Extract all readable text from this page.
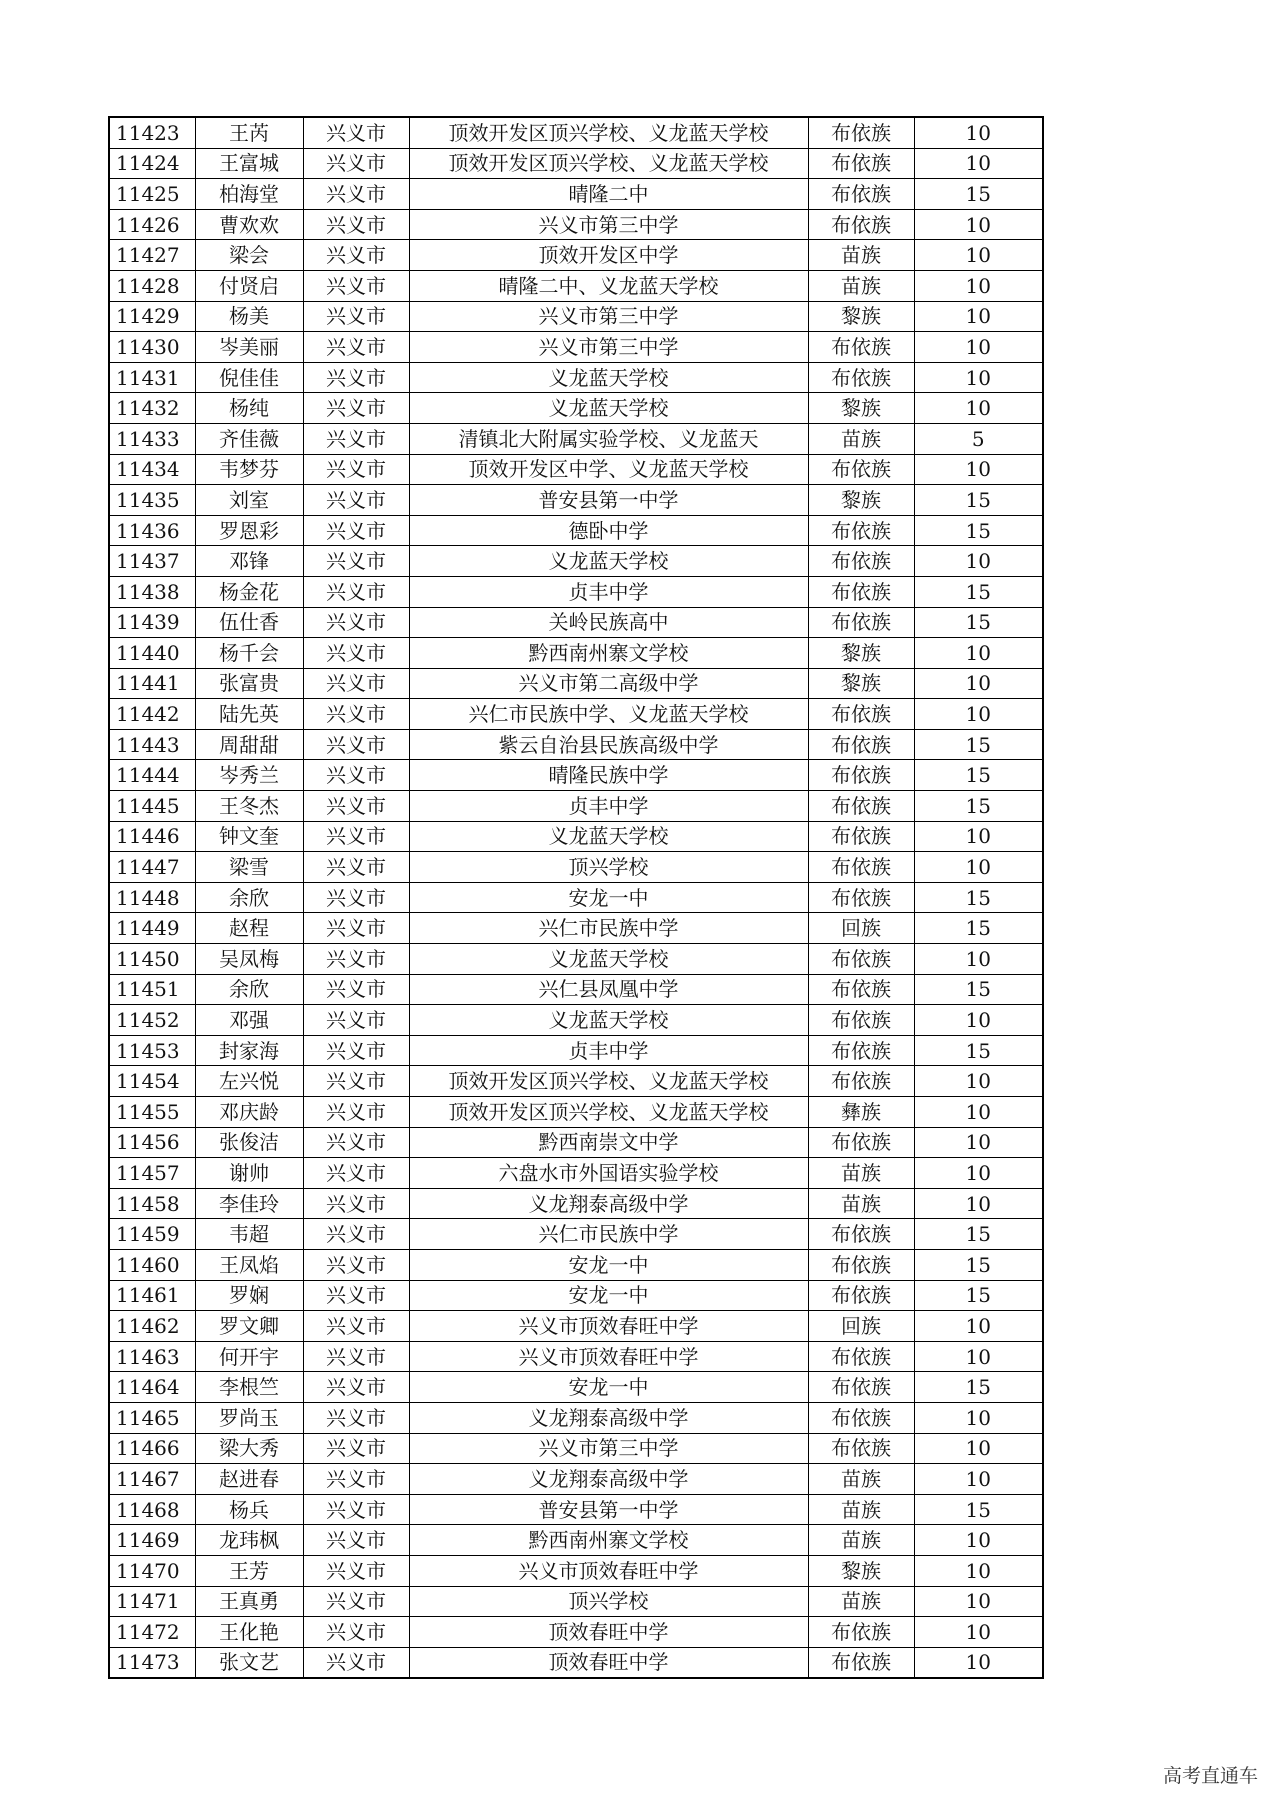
11423	王芮	兴义市	顶效开发区顶兴学校、义龙蓝天学校	布依族	10
11424	王富城	兴义市	顶效开发区顶兴学校、义龙蓝天学校	布依族	10
11425	柏海堂	兴义市	晴隆二中	布依族	15
11426	曹欢欢	兴义市	兴义市第三中学	布依族	10
11427	梁会	兴义市	顶效开发区中学	苗族	10
11428	付贤启	兴义市	晴隆二中、义龙蓝天学校	苗族	10
11429	杨美	兴义市	兴义市第三中学	黎族	10
11430	岑美丽	兴义市	兴义市第三中学	布依族	10
11431	倪佳佳	兴义市	义龙蓝天学校	布依族	10
11432	杨纯	兴义市	义龙蓝天学校	黎族	10
11433	齐佳薇	兴义市	清镇北大附属实验学校、义龙蓝天	苗族	5
11434	韦梦芬	兴义市	顶效开发区中学、义龙蓝天学校	布依族	10
11435	刘室	兴义市	普安县第一中学	黎族	15
11436	罗恩彩	兴义市	德卧中学	布依族	15
11437	邓锋	兴义市	义龙蓝天学校	布依族	10
11438	杨金花	兴义市	贞丰中学	布依族	15
11439	伍仕香	兴义市	关岭民族高中	布依族	15
11440	杨千会	兴义市	黔西南州寨文学校	黎族	10
11441	张富贵	兴义市	兴义市第二高级中学	黎族	10
11442	陆先英	兴义市	兴仁市民族中学、义龙蓝天学校	布依族	10
11443	周甜甜	兴义市	紫云自治县民族高级中学	布依族	15
11444	岑秀兰	兴义市	晴隆民族中学	布依族	15
11445	王冬杰	兴义市	贞丰中学	布依族	15
11446	钟文奎	兴义市	义龙蓝天学校	布依族	10
11447	梁雪	兴义市	顶兴学校	布依族	10
11448	余欣	兴义市	安龙一中	布依族	15
11449	赵程	兴义市	兴仁市民族中学	回族	15
11450	吴凤梅	兴义市	义龙蓝天学校	布依族	10
11451	余欣	兴义市	兴仁县凤凰中学	布依族	15
11452	邓强	兴义市	义龙蓝天学校	布依族	10
11453	封家海	兴义市	贞丰中学	布依族	15
11454	左兴悦	兴义市	顶效开发区顶兴学校、义龙蓝天学校	布依族	10
11455	邓庆龄	兴义市	顶效开发区顶兴学校、义龙蓝天学校	彝族	10
11456	张俊洁	兴义市	黔西南崇文中学	布依族	10
11457	谢帅	兴义市	六盘水市外国语实验学校	苗族	10
11458	李佳玲	兴义市	义龙翔泰高级中学	苗族	10
11459	韦超	兴义市	兴仁市民族中学	布依族	15
11460	王凤焰	兴义市	安龙一中	布依族	15
11461	罗娴	兴义市	安龙一中	布依族	15
11462	罗文卿	兴义市	兴义市顶效春旺中学	回族	10
11463	何开宇	兴义市	兴义市顶效春旺中学	布依族	10
11464	李根竺	兴义市	安龙一中	布依族	15
11465	罗尚玉	兴义市	义龙翔泰高级中学	布依族	10
11466	梁大秀	兴义市	兴义市第三中学	布依族	10
11467	赵进春	兴义市	义龙翔泰高级中学	苗族	10
11468	杨兵	兴义市	普安县第一中学	苗族	15
11469	龙玮枫	兴义市	黔西南州寨文学校	苗族	10
11470	王芳	兴义市	兴义市顶效春旺中学	黎族	10
11471	王真勇	兴义市	顶兴学校	苗族	10
11472	王化艳	兴义市	顶效春旺中学	布依族	10
11473	张文艺	兴义市	顶效春旺中学	布依族	10
高考直通车
